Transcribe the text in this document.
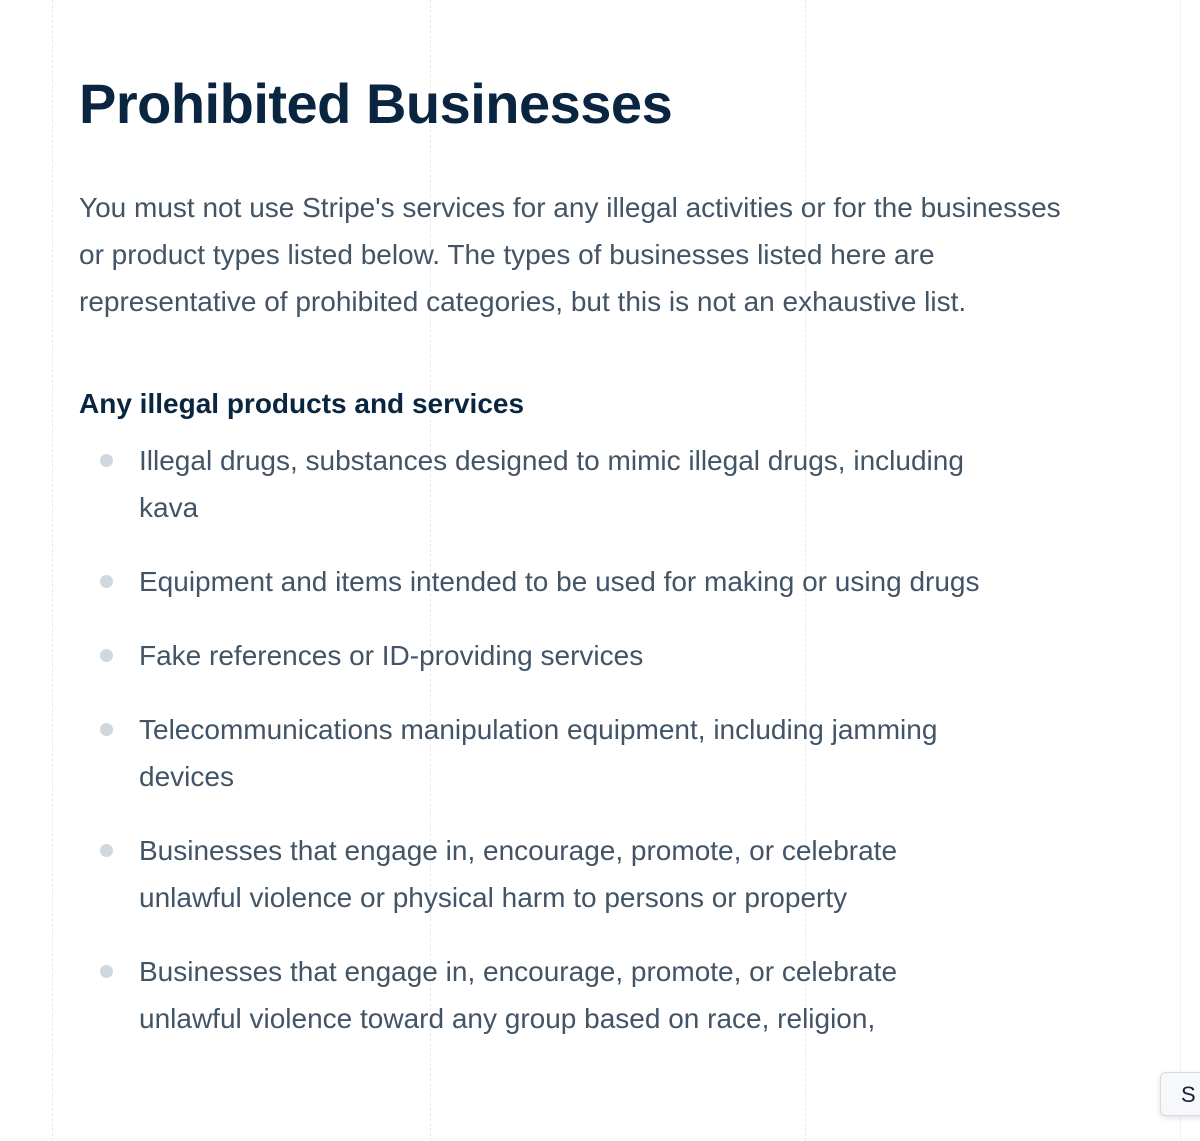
Prohibited Businesses

You must not use Stripe's services for any illegal activities or for the businesses or product types listed below. The types of businesses listed here are representative of prohibited categories, but this is not an exhaustive list.

Any illegal products and services
Illegal drugs, substances designed to mimic illegal drugs, including kava
Equipment and items intended to be used for making or using drugs
Fake references or ID-providing services
Telecommunications manipulation equipment, including jamming devices
Businesses that engage in, encourage, promote, or celebrate unlawful violence or physical harm to persons or property
Businesses that engage in, encourage, promote, or celebrate unlawful violence toward any group based on race, religion,
S
